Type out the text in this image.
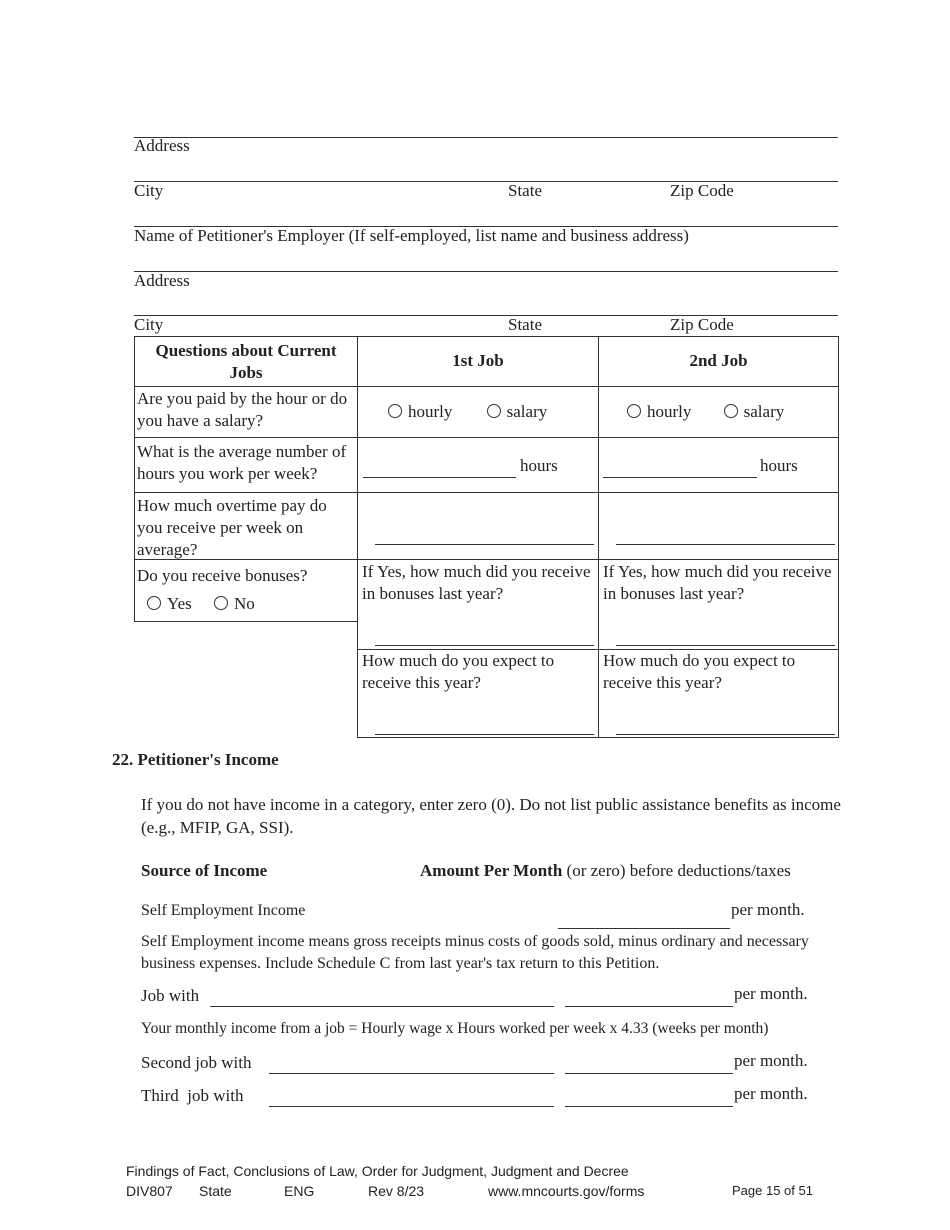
Address
City	State	Zip Code
Name of Petitioner's Employer (If self-employed, list name and business address)
Address
City	State	Zip Code
Questions about Current Jobs
1st Job	2nd Job
Are you paid by the hour or do you have a salary?	hourly	salary	hourly	salary
What is the average number of hours you work per week?	hours	hours
How much overtime pay do you receive per week on average?
Do you receive bonuses?
Yes No
If Yes, how much did you receive in bonuses last year?
If Yes, how much did you receive in bonuses last year?
How much do you expect to receive this year?
How much do you expect to receive this year?
22. Petitioner's Income
If you do not have income in a category, enter zero (0). Do not list public assistance benefits as income (e.g., MFIP, GA, SSI).
Source of Income	Amount Per Month (or zero) before deductions/taxes
Self Employment Income	per month.
Self Employment income means gross receipts minus costs of goods sold, minus ordinary and necessary business expenses. Include Schedule C from last year's tax return to this Petition.
Job with	per month.
Your monthly income from a job = Hourly wage x Hours worked per week x 4.33 (weeks per month)
Second job with	per month.
Third  job with	per month.
Findings of Fact, Conclusions of Law, Order for Judgment, Judgment and Decree
DIV807 State	ENG	Rev 8/23	www.mncourts.gov/forms	Page 15 of 51
